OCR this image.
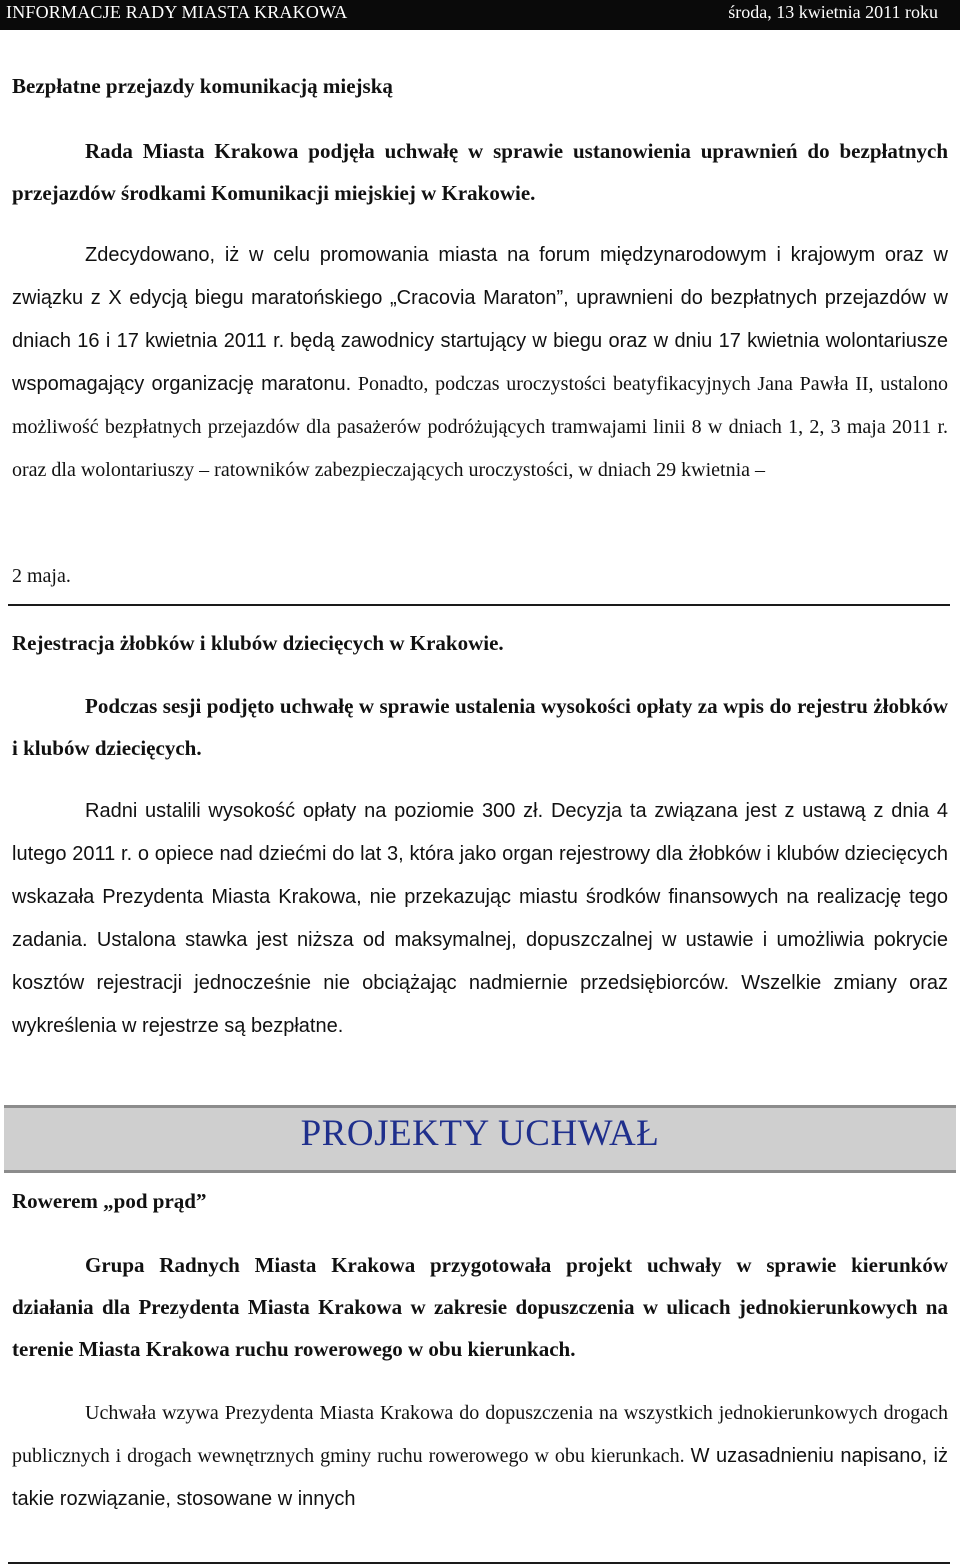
INFORMACJE RADY MIASTA KRAKOWA	środa, 13 kwietnia 2011 roku
Bezpłatne przejazdy komunikacją miejską

Rada Miasta Krakowa podjęła uchwałę w sprawie ustanowienia uprawnień do bezpłatnych przejazdów środkami Komunikacji miejskiej w Krakowie.

Zdecydowano, iż w celu promowania miasta na forum międzynarodowym i krajowym oraz w związku z X edycją biegu maratońskiego „Cracovia Maraton”, uprawnieni do bezpłatnych przejazdów w dniach 16 i 17 kwietnia 2011 r. będą zawodnicy startujący w biegu oraz w dniu 17 kwietnia wolontariusze wspomagający organizację maratonu. Ponadto, podczas uroczystości beatyfikacyjnych Jana Pawła II, ustalono możliwość bezpłatnych przejazdów dla pasażerów podróżujących tramwajami linii 8 w dniach 1, 2, 3 maja 2011 r. oraz dla wolontariuszy – ratowników zabezpieczających uroczystości, w dniach 29 kwietnia –

2 maja.

Rejestracja żłobków i klubów dziecięcych w Krakowie.

Podczas sesji podjęto uchwałę w sprawie ustalenia wysokości opłaty za wpis do rejestru żłobków i klubów dziecięcych.

Radni ustalili wysokość opłaty na poziomie 300 zł. Decyzja ta związana jest z ustawą z dnia 4 lutego 2011 r. o opiece nad dziećmi do lat 3, która jako organ rejestrowy dla żłobków i klubów dziecięcych wskazała Prezydenta Miasta Krakowa, nie przekazując miastu środków finansowych na realizację tego zadania. Ustalona stawka jest niższa od maksymalnej, dopuszczalnej w ustawie i umożliwia pokrycie kosztów rejestracji jednocześnie nie obciążając nadmiernie przedsiębiorców. Wszelkie zmiany oraz wykreślenia w rejestrze są bezpłatne.

PROJEKTY UCHWAŁ
Rowerem „pod prąd”

Grupa Radnych Miasta Krakowa przygotowała projekt uchwały w sprawie kierunków działania dla Prezydenta Miasta Krakowa w zakresie dopuszczenia w ulicach jednokierunkowych na terenie Miasta Krakowa ruchu rowerowego w obu kierunkach.

Uchwała wzywa Prezydenta Miasta Krakowa do dopuszczenia na wszystkich jednokierunkowych drogach publicznych i drogach wewnętrznych gminy ruchu rowerowego w obu kierunkach. W uzasadnieniu napisano, iż takie rozwiązanie, stosowane w innych
